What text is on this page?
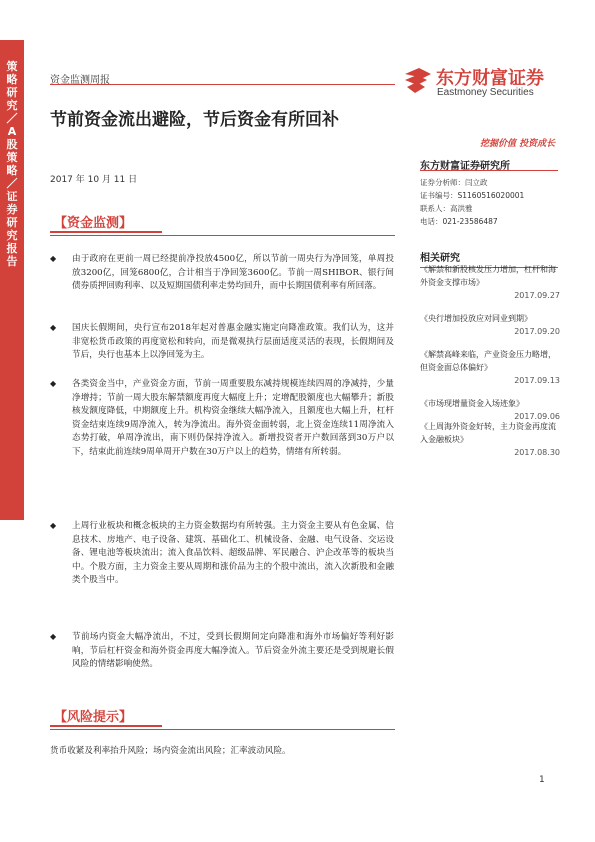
策略研究／A股策略／证券研究报告
资金监测周报
节前资金流出避险，节后资金有所回补
东方财富证券
Eastmoney Securities
挖掘价值 投资成长
2017 年 10 月 11 日
东方财富证券研究所
证券分析师：闫立政
证书编号：S1160516020001
联系人：高洪雅
电话：021-23586487
相关研究
《解禁和新股核发压力增加，杠杆和海外资金支撑市场》
2017.09.27
《央行增加投放应对同业到期》
2017.09.20
《解禁高峰来临，产业资金压力略增，但资金面总体偏好》
2017.09.13
《市场现增量资金入场迹象》
2017.09.06
《上周海外资金好转，主力资金再度流入金融板块》
2017.08.30
【资金监测】
◆ 由于政府在更前一周已经提前净投放4500亿，所以节前一周央行为净回笼，单周投放3200亿，回笼6800亿，合计相当于净回笼3600亿。节前一周SHIBOR、银行间债券质押回购利率、以及短期国债利率走势均回升，而中长期国债利率有所回落。
◆ 国庆长假期间，央行宣布2018年起对普惠金融实施定向降准政策。我们认为，这并非宽松货币政策的再度宽松和转向，而是微观执行层面适度灵活的表现，长假期间及节后，央行也基本上以净回笼为主。
◆ 各类资金当中，产业资金方面，节前一周重要股东减持规模连续四周的净减持，少量净增持；节前一周大股东解禁额度再度大幅度上升；定增配股额度也大幅攀升；新股核发额度降低，中期额度上升。机构资金继续大幅净流入，且额度也大幅上升，杠杆资金结束连续9周净流入，转为净流出。海外资金面转弱，北上资金连续11周净流入态势打破，单周净流出，南下则仍保持净流入。新增投资者开户数回落到30万户以下，结束此前连续9周单周开户数在30万户以上的趋势，情绪有所转弱。
◆ 上周行业板块和概念板块的主力资金数据均有所转强。主力资金主要从有色金属、信息技术、房地产、电子设备、建筑、基础化工、机械设备、金融、电气设备、交运设备、锂电池等板块流出；流入食品饮料、超级品牌、军民融合、沪企改革等的板块当中。个股方面，主力资金主要从周期和涨价品为主的个股中流出，流入次新股和金融类个股当中。
◆ 节前场内资金大幅净流出，不过，受到长假期间定向降准和海外市场偏好等利好影响，节后杠杆资金和海外资金再度大幅净流入。节后资金外流主要还是受到规避长假风险的情绪影响使然。
【风险提示】
货币收紧及利率抬升风险；场内资金流出风险；汇率波动风险。
1
